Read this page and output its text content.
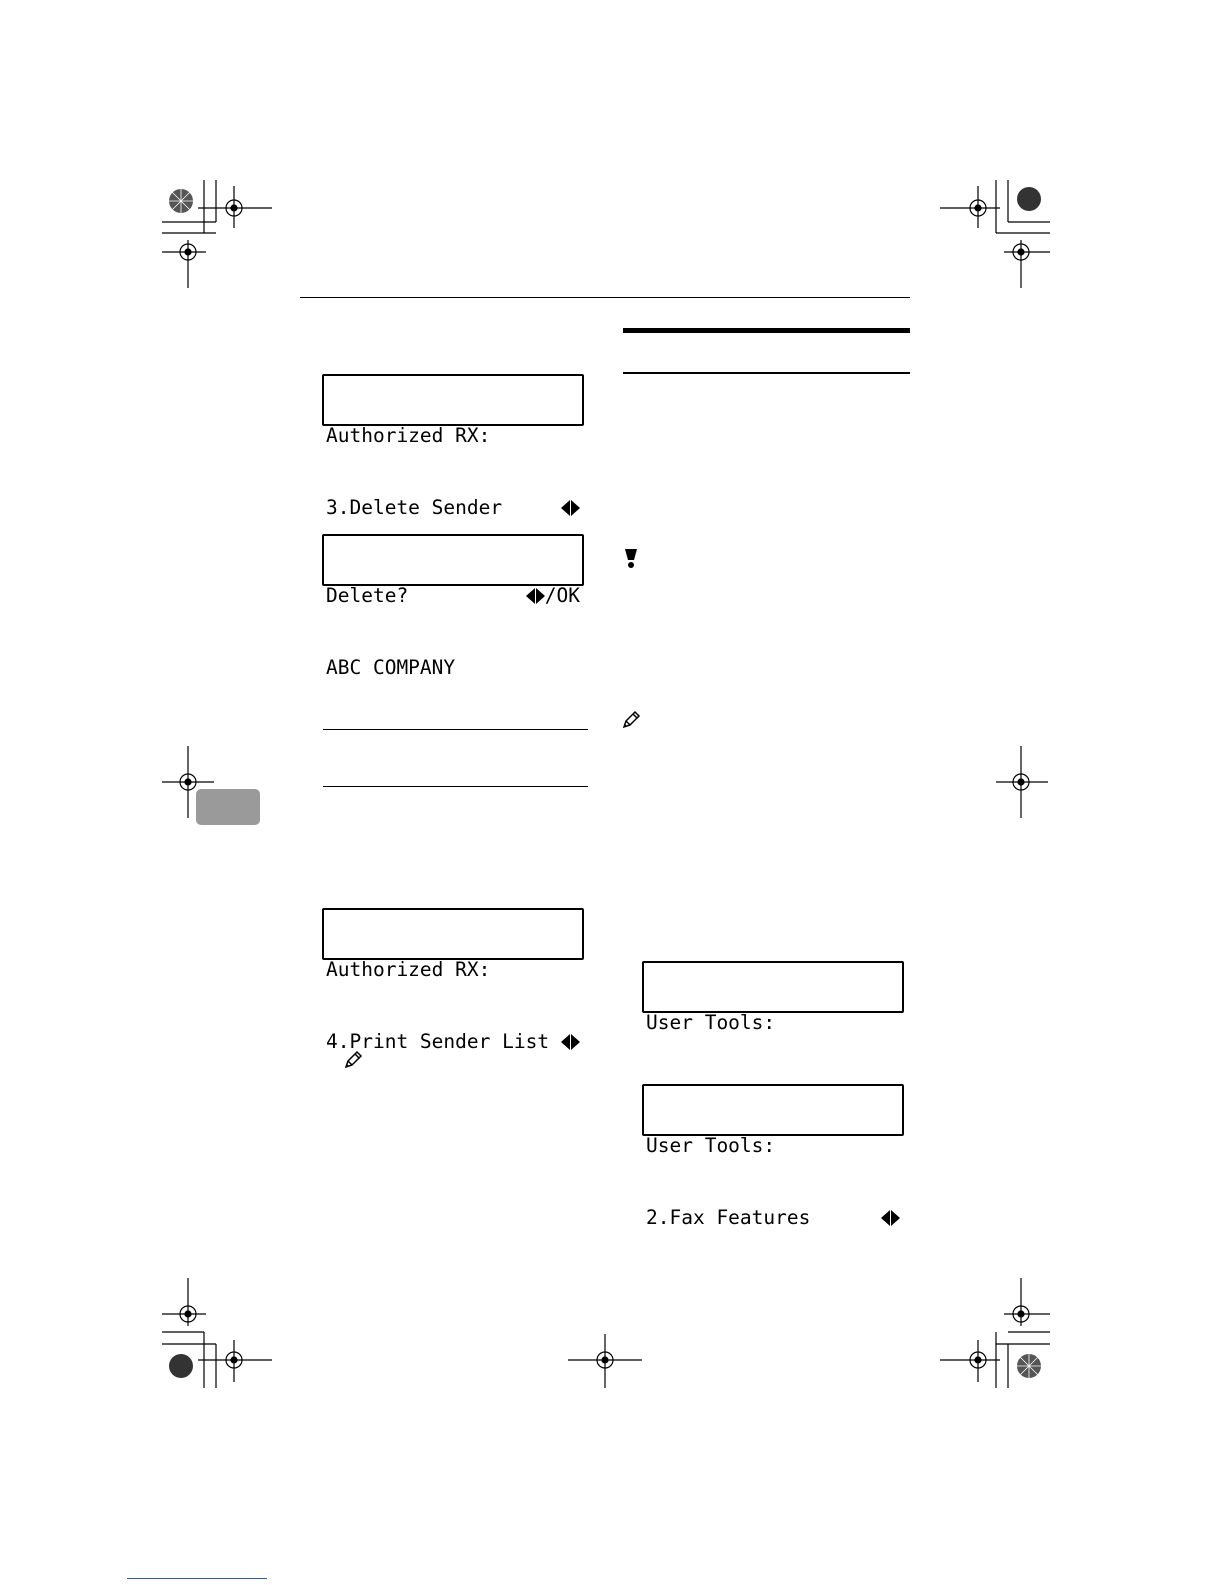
Authorized RX:

3.Delete Sender

Delete?	/OK

ABC COMPANY

Authorized RX:

4.Print Sender List

User Tools:

User Tools:

2.Fax Features
